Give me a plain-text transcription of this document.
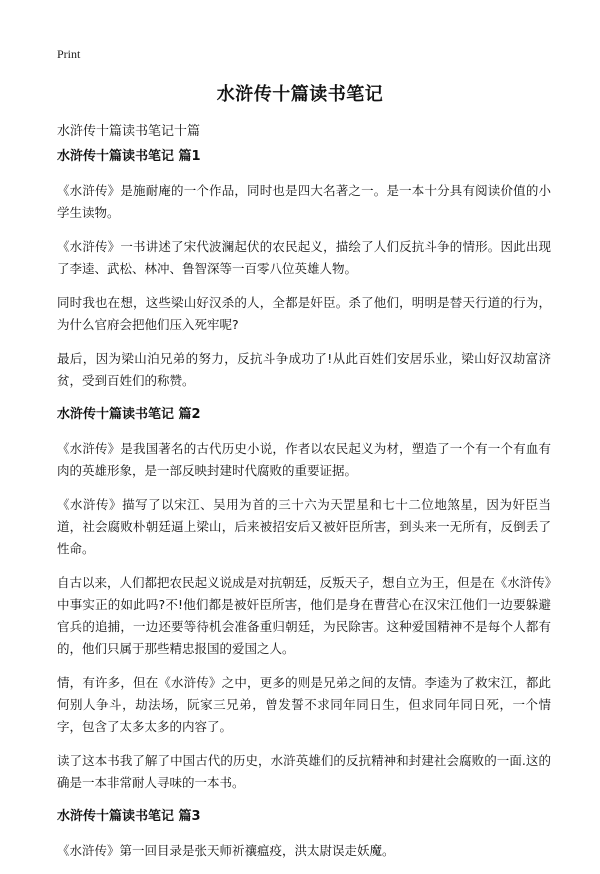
Print
水浒传十篇读书笔记

水浒传十篇读书笔记十篇

水浒传十篇读书笔记 篇1

《水浒传》是施耐庵的一个作品，同时也是四大名著之一。是一本十分具有阅读价值的小学生读物。

《水浒传》一书讲述了宋代波澜起伏的农民起义，描绘了人们反抗斗争的情形。因此出现了李逵、武松、林冲、鲁智深等一百零八位英雄人物。

同时我也在想，这些梁山好汉杀的人，全都是奸臣。杀了他们，明明是替天行道的行为，为什么官府会把他们压入死牢呢?

最后，因为梁山泊兄弟的努力，反抗斗争成功了!从此百姓们安居乐业，梁山好汉劫富济贫，受到百姓们的称赞。

水浒传十篇读书笔记 篇2

《水浒传》是我国著名的古代历史小说，作者以农民起义为材，塑造了一个有一个有血有肉的英雄形象，是一部反映封建时代腐败的重要证据。

《水浒传》描写了以宋江、吴用为首的三十六为天罡星和七十二位地煞星，因为奸臣当道，社会腐败朴朝廷逼上梁山，后来被招安后又被奸臣所害，到头来一无所有，反倒丢了性命。

自古以来，人们都把农民起义说成是对抗朝廷，反叛天子，想自立为王，但是在《水浒传》中事实正的如此吗?不!他们都是被奸臣所害，他们是身在曹营心在汉宋江他们一边要躲避官兵的追捕，一边还要等待机会准备重归朝廷，为民除害。这种爱国精神不是每个人都有的，他们只属于那些精忠报国的爱国之人。

情，有许多，但在《水浒传》之中，更多的则是兄弟之间的友情。李逵为了救宋江，都此何别人争斗，劫法场，阮家三兄弟，曾发誓不求同年同日生，但求同年同日死，一个情字，包含了太多太多的内容了。

读了这本书我了解了中国古代的历史，水浒英雄们的反抗精神和封建社会腐败的一面.这的确是一本非常耐人寻味的一本书。

水浒传十篇读书笔记 篇3

《水浒传》第一回目录是张天师祈禳瘟疫，洪太尉误走妖魔。
